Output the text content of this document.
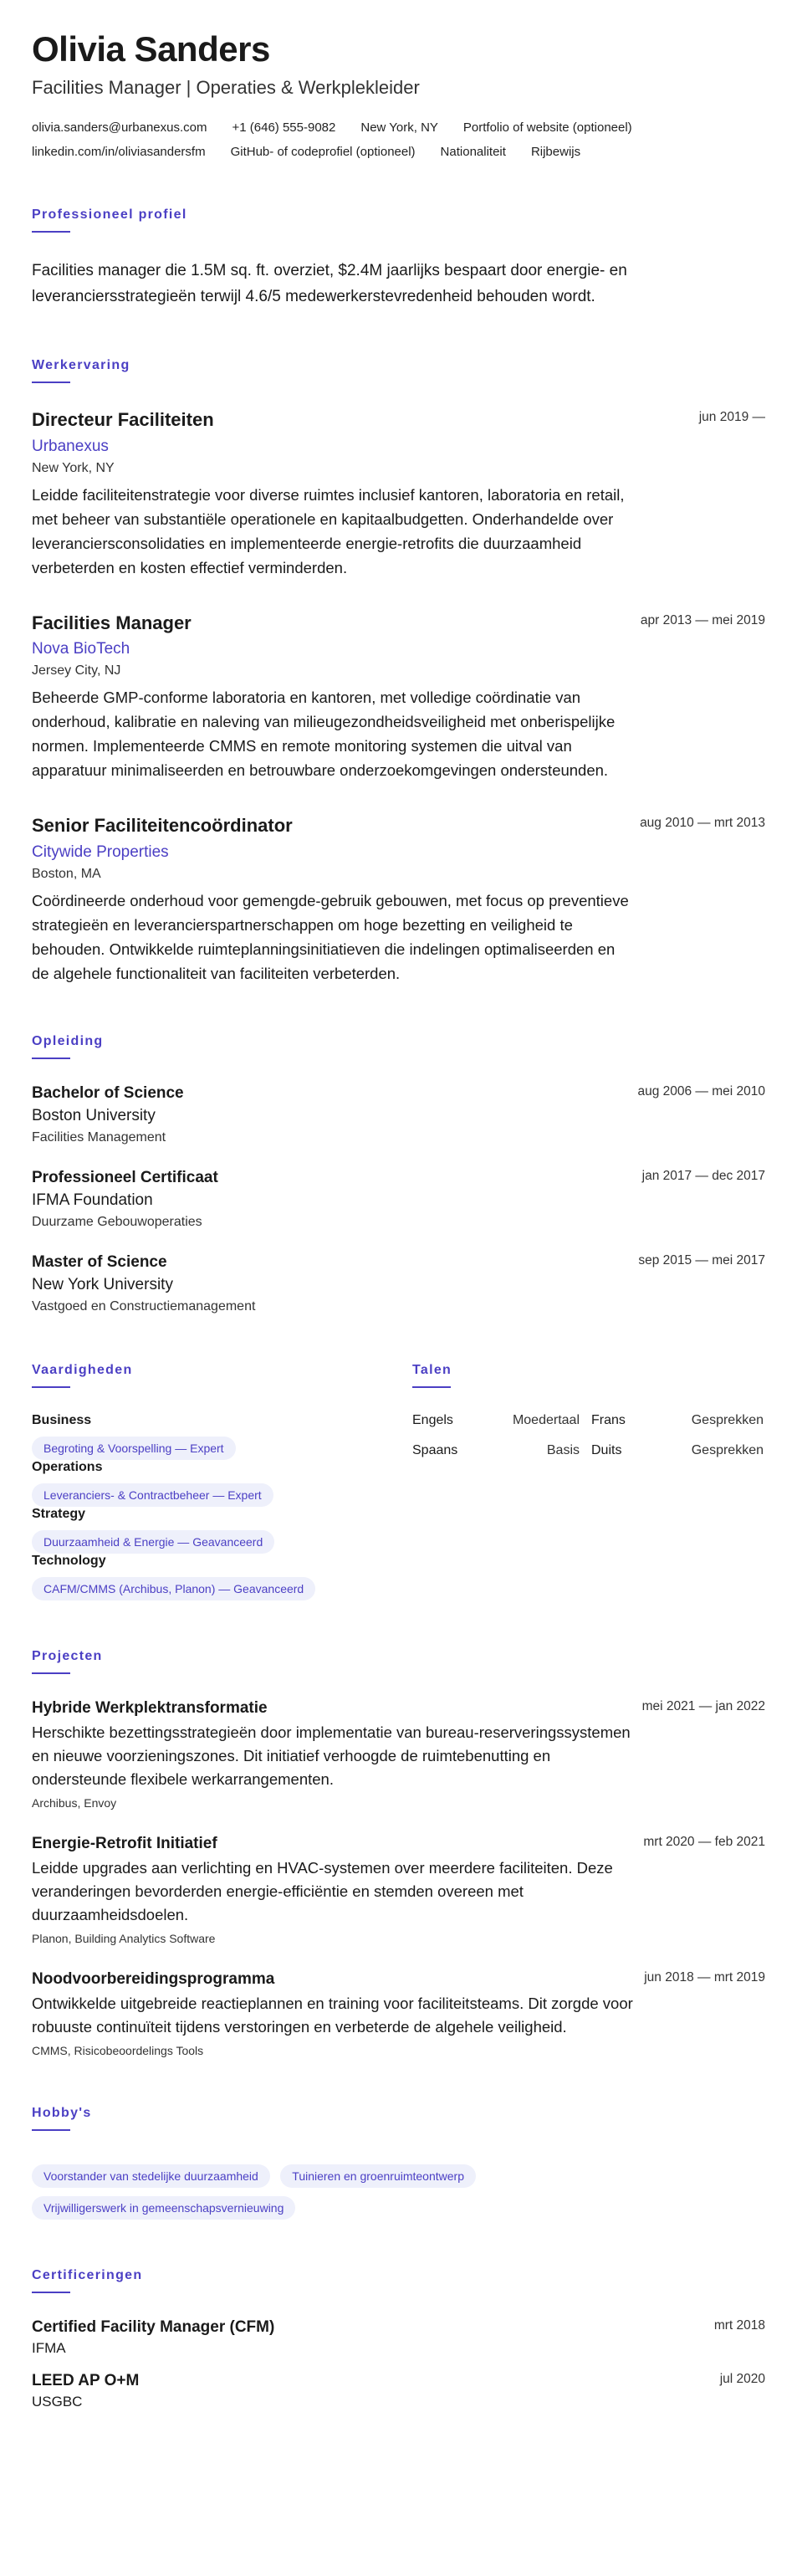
Olivia Sanders
Facilities Manager | Operaties & Werkplekleider
olivia.sanders@urbanexus.com +1 (646) 555-9082 New York, NY Portfolio of website (optioneel)
linkedin.com/in/oliviasandersfm GitHub- of codeprofiel (optioneel) Nationaliteit Rijbewijs
Professioneel profiel

Facilities manager die 1.5M sq. ft. overziet, $2.4M jaarlijks bespaart door energie- en leveranciersstrategieën terwijl 4.6/5 medewerkerstevredenheid behouden wordt.

Werkervaring
Directeur Faciliteiten
Urbanexus
New York, NY
Leidde faciliteitenstrategie voor diverse ruimtes inclusief kantoren, laboratoria en retail, met beheer van substantiële operationele en kapitaalbudgetten. Onderhandelde over leveranciersconsolidaties en implementeerde energie-retrofits die duurzaamheid verbeterden en kosten effectief verminderden.
jun 2019 —
Facilities Manager
Nova BioTech
Jersey City, NJ
Beheerde GMP-conforme laboratoria en kantoren, met volledige coördinatie van onderhoud, kalibratie en naleving van milieugezondheidsveiligheid met onberispelijke normen. Implementeerde CMMS en remote monitoring systemen die uitval van apparatuur minimaliseerden en betrouwbare onderzoekomgevingen ondersteunden.
apr 2013 — mei 2019
Senior Faciliteitencoördinator
Citywide Properties
Boston, MA
Coördineerde onderhoud voor gemengde-gebruik gebouwen, met focus op preventieve strategieën en leverancierspartnerschappen om hoge bezetting en veiligheid te behouden. Ontwikkelde ruimteplanningsinitiatieven die indelingen optimaliseerden en de algehele functionaliteit van faciliteiten verbeterden.
aug 2010 — mrt 2013
Opleiding
Bachelor of Science
Boston University
Facilities Management
aug 2006 — mei 2010
Professioneel Certificaat
IFMA Foundation
Duurzame Gebouwoperaties
jan 2017 — dec 2017
Master of Science
New York University
Vastgoed en Constructiemanagement
sep 2015 — mei 2017
Vaardigheden
Business
Begroting & Voorspelling — Expert
Operations
Leveranciers- & Contractbeheer — Expert
Strategy
Duurzaamheid & Energie — Geavanceerd
Technology
CAFM/CMMS (Archibus, Planon) — Geavanceerd
Talen
Engels	Moedertaal Frans	Gesprekken
Spaans	Basis Duits	Gesprekken
Projecten
Hybride Werkplektransformatie
Herschikte bezettingsstrategieën door implementatie van bureau-reserveringssystemen en nieuwe voorzieningszones. Dit initiatief verhoogde de ruimtebenutting en ondersteunde flexibele werkarrangementen.
Archibus, Envoy
mei 2021 — jan 2022
Energie-Retrofit Initiatief
Leidde upgrades aan verlichting en HVAC-systemen over meerdere faciliteiten. Deze veranderingen bevorderden energie-efficiëntie en stemden overeen met duurzaamheidsdoelen.
Planon, Building Analytics Software
mrt 2020 — feb 2021
Noodvoorbereidingsprogramma
Ontwikkelde uitgebreide reactieplannen en training voor faciliteitsteams. Dit zorgde voor robuuste continuïteit tijdens verstoringen en verbeterde de algehele veiligheid.
CMMS, Risicobeoordelings Tools
jun 2018 — mrt 2019
Hobby's
Voorstander van stedelijke duurzaamheid	Tuinieren en groenruimteontwerp Vrijwilligerswerk in gemeenschapsvernieuwing
Certificeringen
Certified Facility Manager (CFM)
IFMA
mrt 2018
LEED AP O+M
USGBC
jul 2020
